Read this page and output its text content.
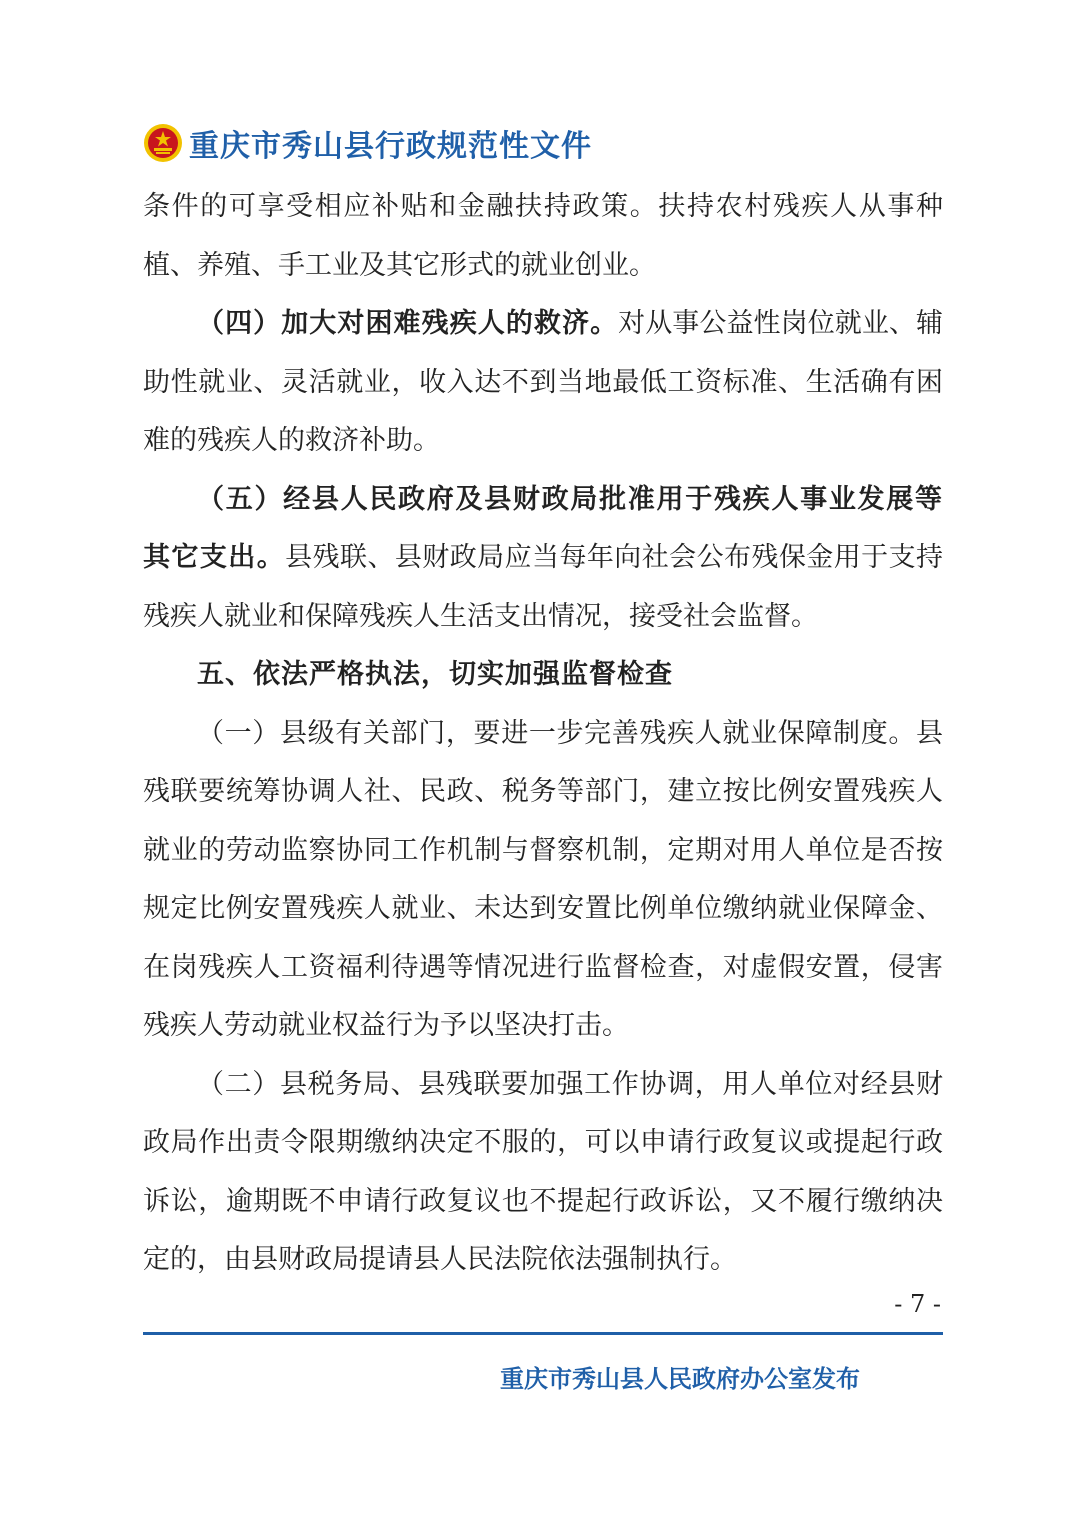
重庆市秀山县行政规范性文件

条件的可享受相应补贴和金融扶持政策。扶持农村残疾人从事种植、养殖、手工业及其它形式的就业创业。

（四）加大对困难残疾人的救济。对从事公益性岗位就业、辅助性就业、灵活就业，收入达不到当地最低工资标准、生活确有困难的残疾人的救济补助。

（五）经县人民政府及县财政局批准用于残疾人事业发展等其它支出。县残联、县财政局应当每年向社会公布残保金用于支持残疾人就业和保障残疾人生活支出情况，接受社会监督。

五、依法严格执法，切实加强监督检查

（一）县级有关部门，要进一步完善残疾人就业保障制度。县残联要统筹协调人社、民政、税务等部门，建立按比例安置残疾人就业的劳动监察协同工作机制与督察机制，定期对用人单位是否按规定比例安置残疾人就业、未达到安置比例单位缴纳就业保障金、在岗残疾人工资福利待遇等情况进行监督检查，对虚假安置，侵害残疾人劳动就业权益行为予以坚决打击。

（二）县税务局、县残联要加强工作协调，用人单位对经县财政局作出责令限期缴纳决定不服的，可以申请行政复议或提起行政诉讼，逾期既不申请行政复议也不提起行政诉讼，又不履行缴纳决定的，由县财政局提请县人民法院依法强制执行。

- 7 -
重庆市秀山县人民政府办公室发布
